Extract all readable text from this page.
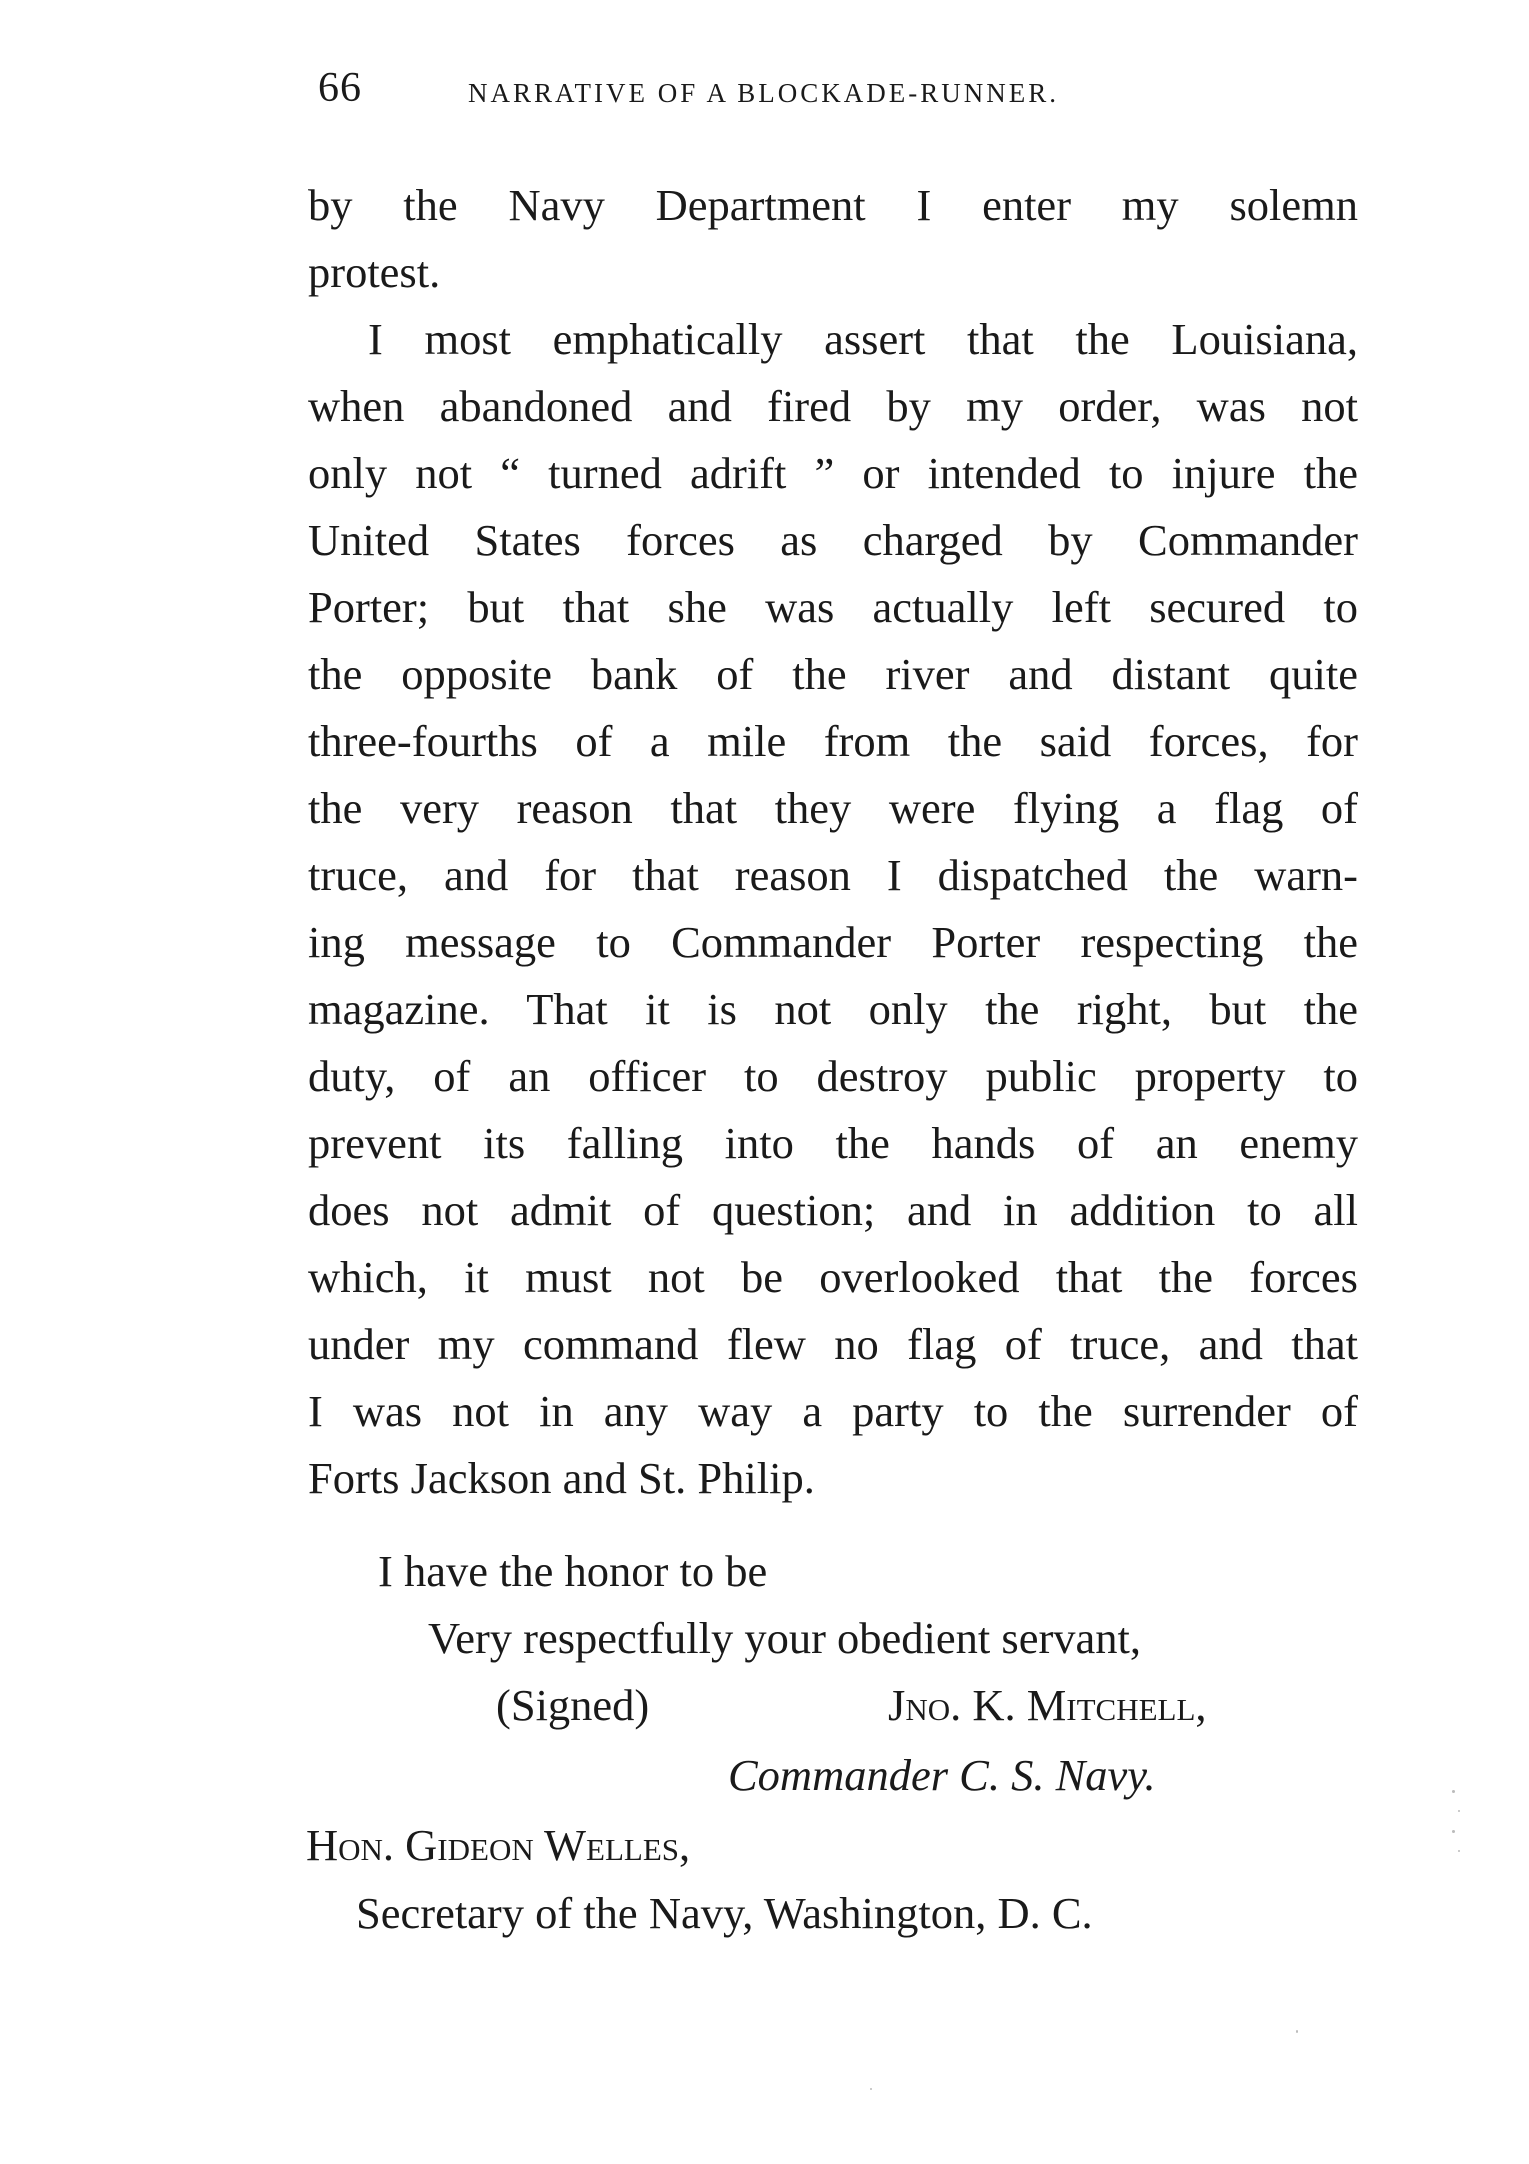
66	NARRATIVE OF A BLOCKADE-RUNNER.
by the Navy Department I enter my solemn
protest.
I most emphatically assert that the Louisiana,
when abandoned and fired by my order, was not
only not “ turned adrift ” or intended to injure the
United States forces as charged by Commander
Porter; but that she was actually left secured to
the opposite bank of the river and distant quite
three-fourths of a mile from the said forces, for
the very reason that they were flying a flag of
truce, and for that reason I dispatched the warn-
ing message to Commander Porter respecting the
magazine. That it is not only the right, but the
duty, of an officer to destroy public property to
prevent its falling into the hands of an enemy
does not admit of question; and in addition to all
which, it must not be overlooked that the forces
under my command flew no flag of truce, and that
I was not in any way a party to the surrender of
Forts Jackson and St. Philip.
I have the honor to be
Very respectfully your obedient servant,
(Signed)	Jno. K. Mitchell,
Commander C. S. Navy.
Hon. Gideon Welles,
Secretary of the Navy, Washington, D. C.
